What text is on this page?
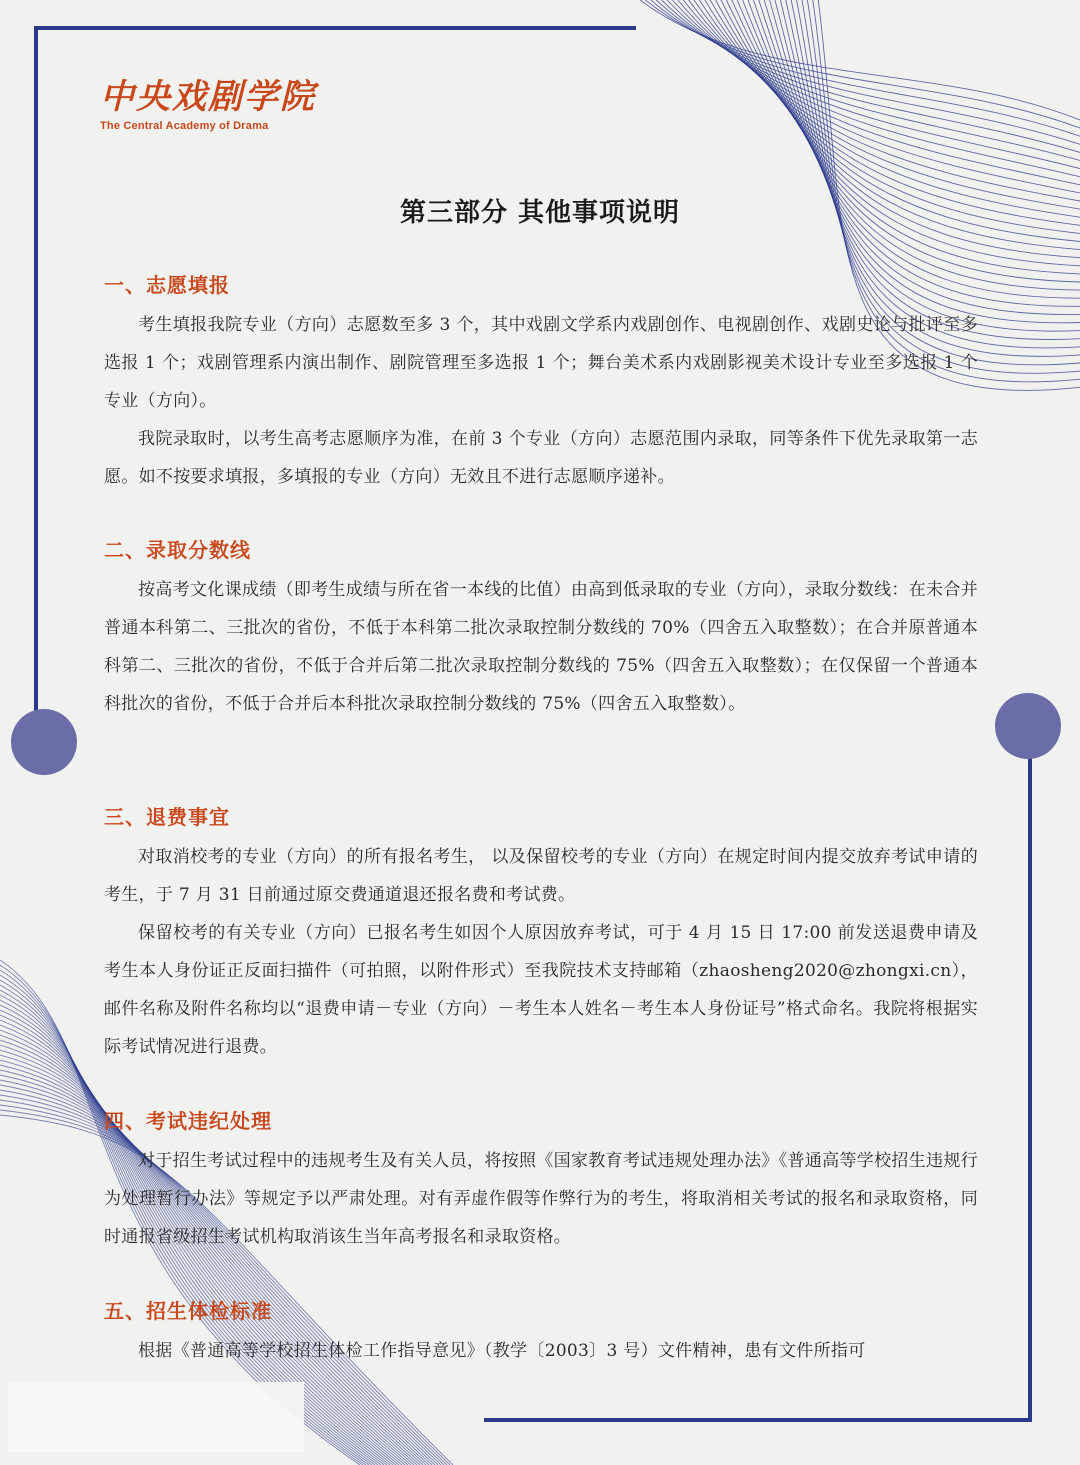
中央戏剧学院
The Central Academy of Drama
第三部分 其他事项说明
一、志愿填报

考生填报我院专业（方向）志愿数至多 3 个，其中戏剧文学系内戏剧创作、电视剧创作、戏剧史论与批评至多选报 1 个；戏剧管理系内演出制作、剧院管理至多选报 1 个；舞台美术系内戏剧影视美术设计专业至多选报 1 个专业（方向）。

我院录取时，以考生高考志愿顺序为准，在前 3 个专业（方向）志愿范围内录取，同等条件下优先录取第一志愿。如不按要求填报，多填报的专业（方向）无效且不进行志愿顺序递补。

二、录取分数线

按高考文化课成绩（即考生成绩与所在省一本线的比值）由高到低录取的专业（方向），录取分数线：在未合并普通本科第二、三批次的省份，不低于本科第二批次录取控制分数线的 70%（四舍五入取整数）；在合并原普通本科第二、三批次的省份，不低于合并后第二批次录取控制分数线的 75%（四舍五入取整数）；在仅保留一个普通本科批次的省份，不低于合并后本科批次录取控制分数线的 75%（四舍五入取整数）。

三、退费事宜

对取消校考的专业（方向）的所有报名考生， 以及保留校考的专业（方向）在规定时间内提交放弃考试申请的考生，于 7 月 31 日前通过原交费通道退还报名费和考试费。

保留校考的有关专业（方向）已报名考生如因个人原因放弃考试，可于 4 月 15 日 17:00 前发送退费申请及考生本人身份证正反面扫描件（可拍照，以附件形式）至我院技术支持邮箱（zhaosheng2020@zhongxi.cn），邮件名称及附件名称均以“退费申请－专业（方向）－考生本人姓名－考生本人身份证号”格式命名。我院将根据实际考试情况进行退费。

四、考试违纪处理

对于招生考试过程中的违规考生及有关人员，将按照《国家教育考试违规处理办法》《普通高等学校招生违规行为处理暂行办法》等规定予以严肃处理。对有弄虚作假等作弊行为的考生，将取消相关考试的报名和录取资格，同时通报省级招生考试机构取消该生当年高考报名和录取资格。

五、招生体检标准

根据《普通高等学校招生体检工作指导意见》（教学〔2003〕3 号）文件精神，患有文件所指可
